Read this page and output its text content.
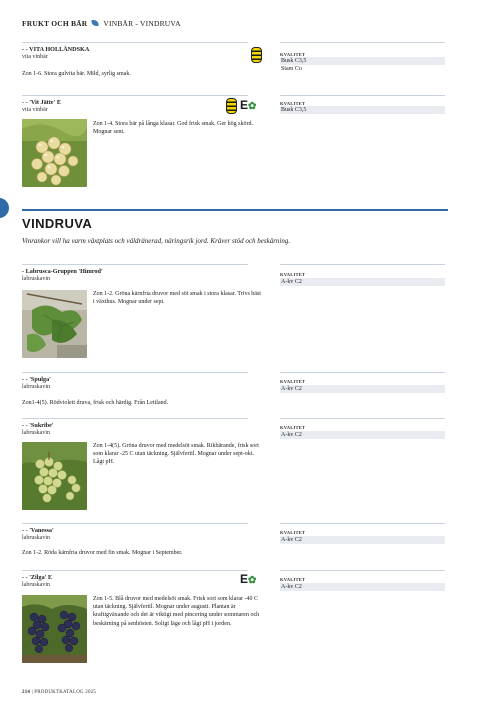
FRUKT OCH BÄR VINBÄR - VINDRUVA
- - VITA HOLLÄNDSKA
vita vinbär
Zon 1-6. Stora gulvita bär. Mild, syrlig smak.
KVALITET
Busk C3,5
Stam Co
- - 'Vit Jätte' E
vita vinbär	E✿	KVALITET
Busk C3,5
Zon 1-4. Stora bär på långa klasar. God frisk smak. Ger hög skörd. Mognar sent.
VINDRUVA
Vinrankor vill ha varm växtplats och väldränerad, näringsrik jord. Kräver stöd och beskärning.
- Labrusca-Gruppen 'Himrod'
labruskavin
KVALITET
A-kv C2
Zon 1-2. Gröna kärnfria druvor med söt smak i stora klasar. Trivs bäst i växthus. Mognar under sept.
- - 'Spulga'
labruskavin
KVALITET
A-kv C2
Zon1-4(5). Rödviolett druva, frisk och härdig. Från Lettland.
- - 'Sukribe'
labruskavin
KVALITET
A-kv C2
Zon 1-4(5). Gröna druvor med medelsöt smak. Rikbärande, frisk sort som klarar -25 C utan täckning. Självfertil. Mognar under sept-okt. Lågt pH.
- - 'Vanessa'
labruskavin
KVALITET
A-kv C2
Zon 1-2. Röda kärnfria druvor med fin smak. Mognar i September.
- - 'Zilga' E
labruskavin	E✿	KVALITET
A-kv C2
Zon 1-5. Blå druvor med medelsöt smak. Frisk sort som klarar -40 C utan täckning. Självfertil. Mognar under augusti. Plantan är kraftigväxande och det är viktigt med pincering under sommaren och beskärning på senhösten. Soligt läge och lågt pH i jorden.
214 | PRODUKTKATALOG 2025
